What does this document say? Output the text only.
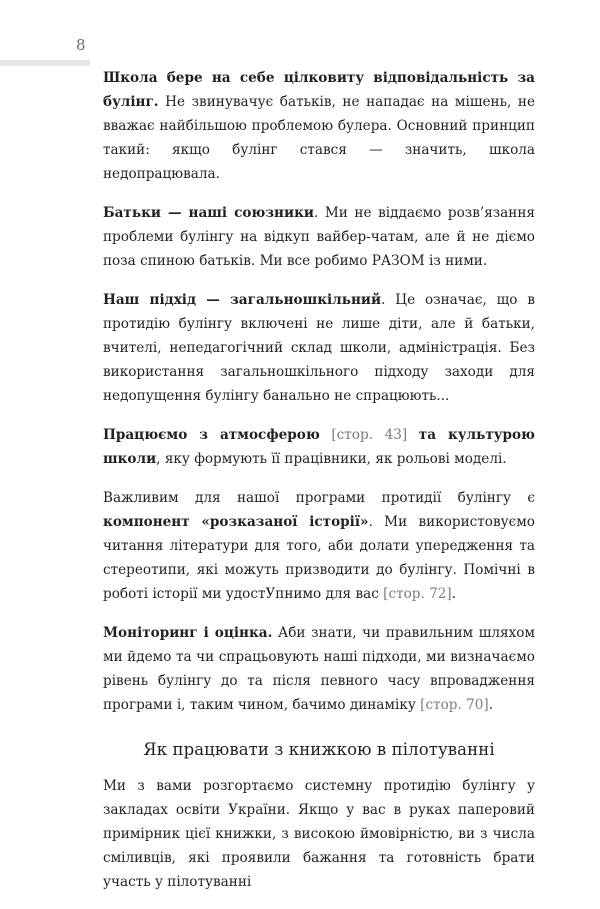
8

Школа бере на себе цілковиту відповідальність за булінг. Не звинувачує батьків, не нападає на мішень, не вважає найбільшою проблемою булера. Основний принцип такий: якщо булінг стався — значить, школа недопрацювала.

Батьки — наші союзники. Ми не віддаємо розв’язання проблеми булінгу на відкуп вайбер-чатам, але й не діємо поза спиною батьків. Ми все робимо РАЗОМ із ними.

Наш підхід — загальношкільний. Це означає, що в протидію булінгу включені не лише діти, але й батьки, вчителі, непедагогічний склад школи, адміністрація. Без використання загальношкільного підходу заходи для недопущення булінгу банально не спрацюють...

Працюємо з атмосферою [стор. 43] та культурою школи, яку формують її працівники, як рольові моделі.

Важливим для нашої програми протидії булінгу є компонент «розказаної історії». Ми використовуємо читання літератури для того, аби долати упередження та стереотипи, які можуть призводити до булінгу. Помічні в роботі історії ми удостУпнимо для вас [стор. 72].

Моніторинг і оцінка. Аби знати, чи правильним шляхом ми йдемо та чи спрацьовують наші підходи, ми визначаємо рівень булінгу до та після певного часу впровадження програми і, таким чином, бачимо динаміку [стор. 70].

Як працювати з книжкою в пілотуванні

Ми з вами розгортаємо системну протидію булінгу у закладах освіти України. Якщо у вас в руках паперовий примірник цієї книжки, з високою ймовірністю, ви з числа сміливців, які проявили бажання та готовність брати участь у пілотуванні
